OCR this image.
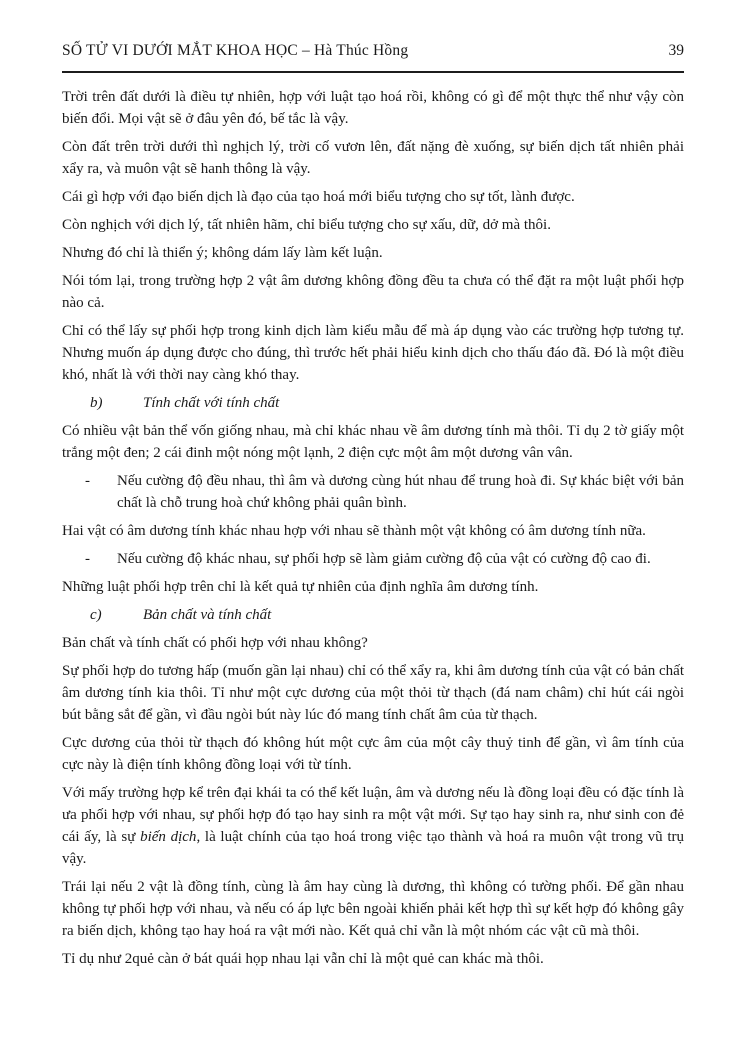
SỐ TỬ VI DƯỚI MẮT KHOA HỌC – Hà Thúc Hồng	39

Trời trên đất dưới là điều tự nhiên, hợp với luật tạo hoá rồi, không có gì để một thực thể như vậy còn biến đổi. Mọi vật sẽ ở đâu yên đó, bế tắc là vậy.

Còn đất trên trời dưới thì nghịch lý, trời cố vươn lên, đất nặng đè xuống, sự biến dịch tất nhiên phải xẩy ra, và muôn vật sẽ hanh thông là vậy.

Cái gì hợp với đạo biến dịch là đạo của tạo hoá mới biểu tượng cho sự tốt, lành được.

Còn nghịch với dịch lý, tất nhiên hãm, chỉ biểu tượng cho sự xấu, dữ, dở mà thôi.

Nhưng đó chỉ là thiển ý; không dám lấy làm kết luận.

Nói tóm lại, trong trường hợp 2 vật âm dương không đồng đều ta chưa có thể đặt ra một luật phối hợp nào cả.

Chỉ có thể lấy sự phối hợp trong kinh dịch làm kiểu mẫu để mà áp dụng vào các trường hợp tương tự. Nhưng muốn áp dụng được cho đúng, thì trước hết phải hiểu kinh dịch cho thấu đáo đã. Đó là một điều khó, nhất là với thời nay càng khó thay.

b)	Tính chất với tính chất

Có nhiều vật bản thể vốn giống nhau, mà chỉ khác nhau về âm dương tính mà thôi. Tỉ dụ 2 tờ giấy một trắng một đen; 2 cái đinh một nóng một lạnh, 2 điện cực một âm một dương vân vân.

- Nếu cường độ đều nhau, thì âm và dương cùng hút nhau để trung hoà đi. Sự khác biệt với bản chất là chỗ trung hoà chứ không phải quân bình.

Hai vật có âm dương tính khác nhau hợp với nhau sẽ thành một vật không có âm dương tính nữa.

- Nếu cường độ khác nhau, sự phối hợp sẽ làm giảm cường độ của vật có cường độ cao đi.

Những luật phối hợp trên chỉ là kết quả tự nhiên của định nghĩa âm dương tính.

c)	Bản chất và tính chất

Bản chất và tính chất có phối hợp với nhau không?

Sự phối hợp do tương hấp (muốn gần lại nhau) chỉ có thể xẩy ra, khi âm dương tính của vật có bản chất âm dương tính kia thôi. Tỉ như một cực dương của một thỏi từ thạch (đá nam châm) chỉ hút cái ngòi bút bằng sắt để gần, vì đầu ngòi bút này lúc đó mang tính chất âm của từ thạch.

Cực dương của thỏi từ thạch đó không hút một cực âm của một cây thuỷ tinh để gần, vì âm tính của cực này là điện tính không đồng loại với từ tính.

Với mấy trường hợp kể trên đại khái ta có thể kết luận, âm và dương nếu là đồng loại đều có đặc tính là ưa phối hợp với nhau, sự phối hợp đó tạo hay sinh ra một vật mới. Sự tạo hay sinh ra, như sinh con đẻ cái ấy, là sự biến dịch, là luật chính của tạo hoá trong việc tạo thành và hoá ra muôn vật trong vũ trụ vậy.

Trái lại nếu 2 vật là đồng tính, cùng là âm hay cùng là dương, thì không có tường phối. Để gần nhau không tự phối hợp với nhau, và nếu có áp lực bên ngoài khiến phải kết hợp thì sự kết hợp đó không gây ra biến dịch, không tạo hay hoá ra vật mới nào. Kết quả chỉ vẫn là một nhóm các vật cũ mà thôi.

Tỉ dụ như 2quẻ càn ở bát quái họp nhau lại vẫn chỉ là một quẻ can khác mà thôi.
